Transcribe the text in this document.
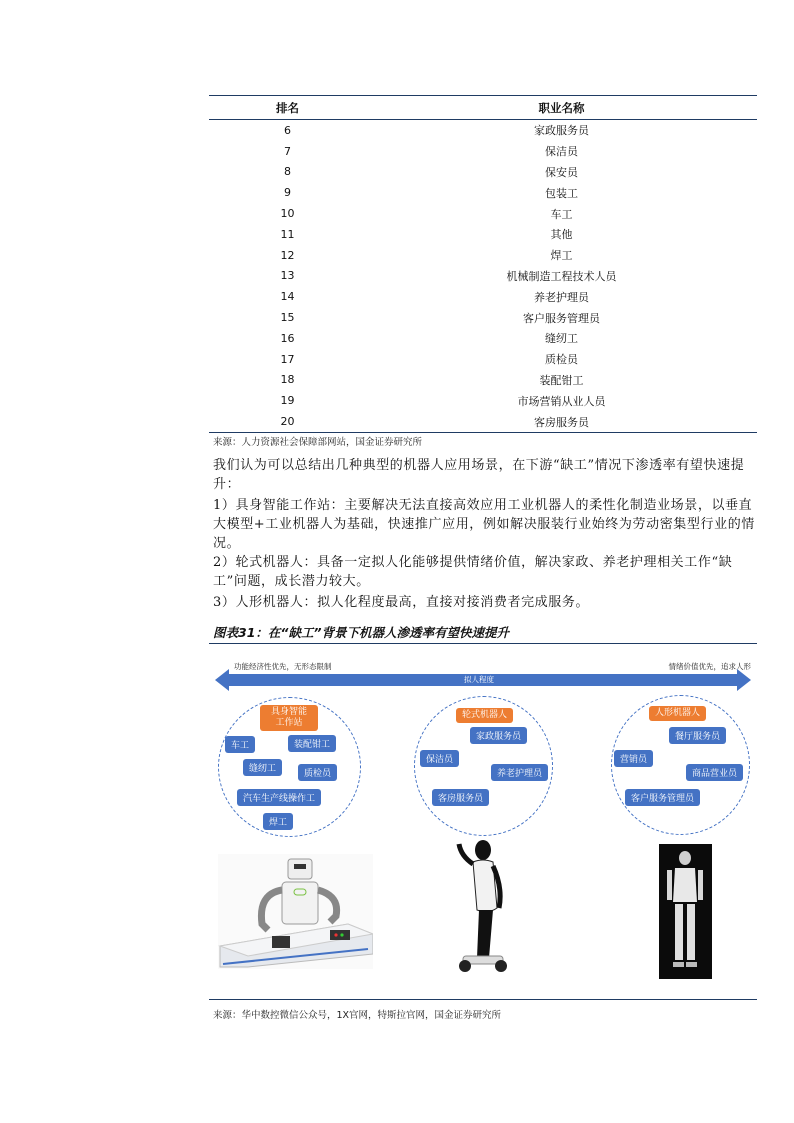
排名	职业名称
6	家政服务员
7	保洁员
8	保安员
9	包装工
10	车工
11	其他
12	焊工
13	机械制造工程技术人员
14	养老护理员
15	客户服务管理员
16	缝纫工
17	质检员
18	装配钳工
19	市场营销从业人员
20	客房服务员
来源：人力资源社会保障部网站，国金证券研究所

我们认为可以总结出几种典型的机器人应用场景，在下游“缺工”情况下渗透率有望快速提升：

1）具身智能工作站：主要解决无法直接高效应用工业机器人的柔性化制造业场景，以垂直大模型+工业机器人为基础，快速推广应用，例如解决服装行业始终为劳动密集型行业的情况。

2）轮式机器人：具备一定拟人化能够提供情绪价值，解决家政、养老护理相关工作“缺工”问题，成长潜力较大。

3）人形机器人：拟人化程度最高，直接对接消费者完成服务。

图表31：在“缺工”背景下机器人渗透率有望快速提升
功能经济性优先，无形态限制	情绪价值优先，追求人形
拟人程度
具身智能
工作站
车工	装配钳工
缝纫工	质检员
汽车生产线操作工
焊工
轮式机器人
家政服务员
保洁员
养老护理员
客房服务员
人形机器人
餐厅服务员
营销员
商品营业员
客户服务管理员
来源：华中数控微信公众号，1X官网，特斯拉官网，国金证券研究所
